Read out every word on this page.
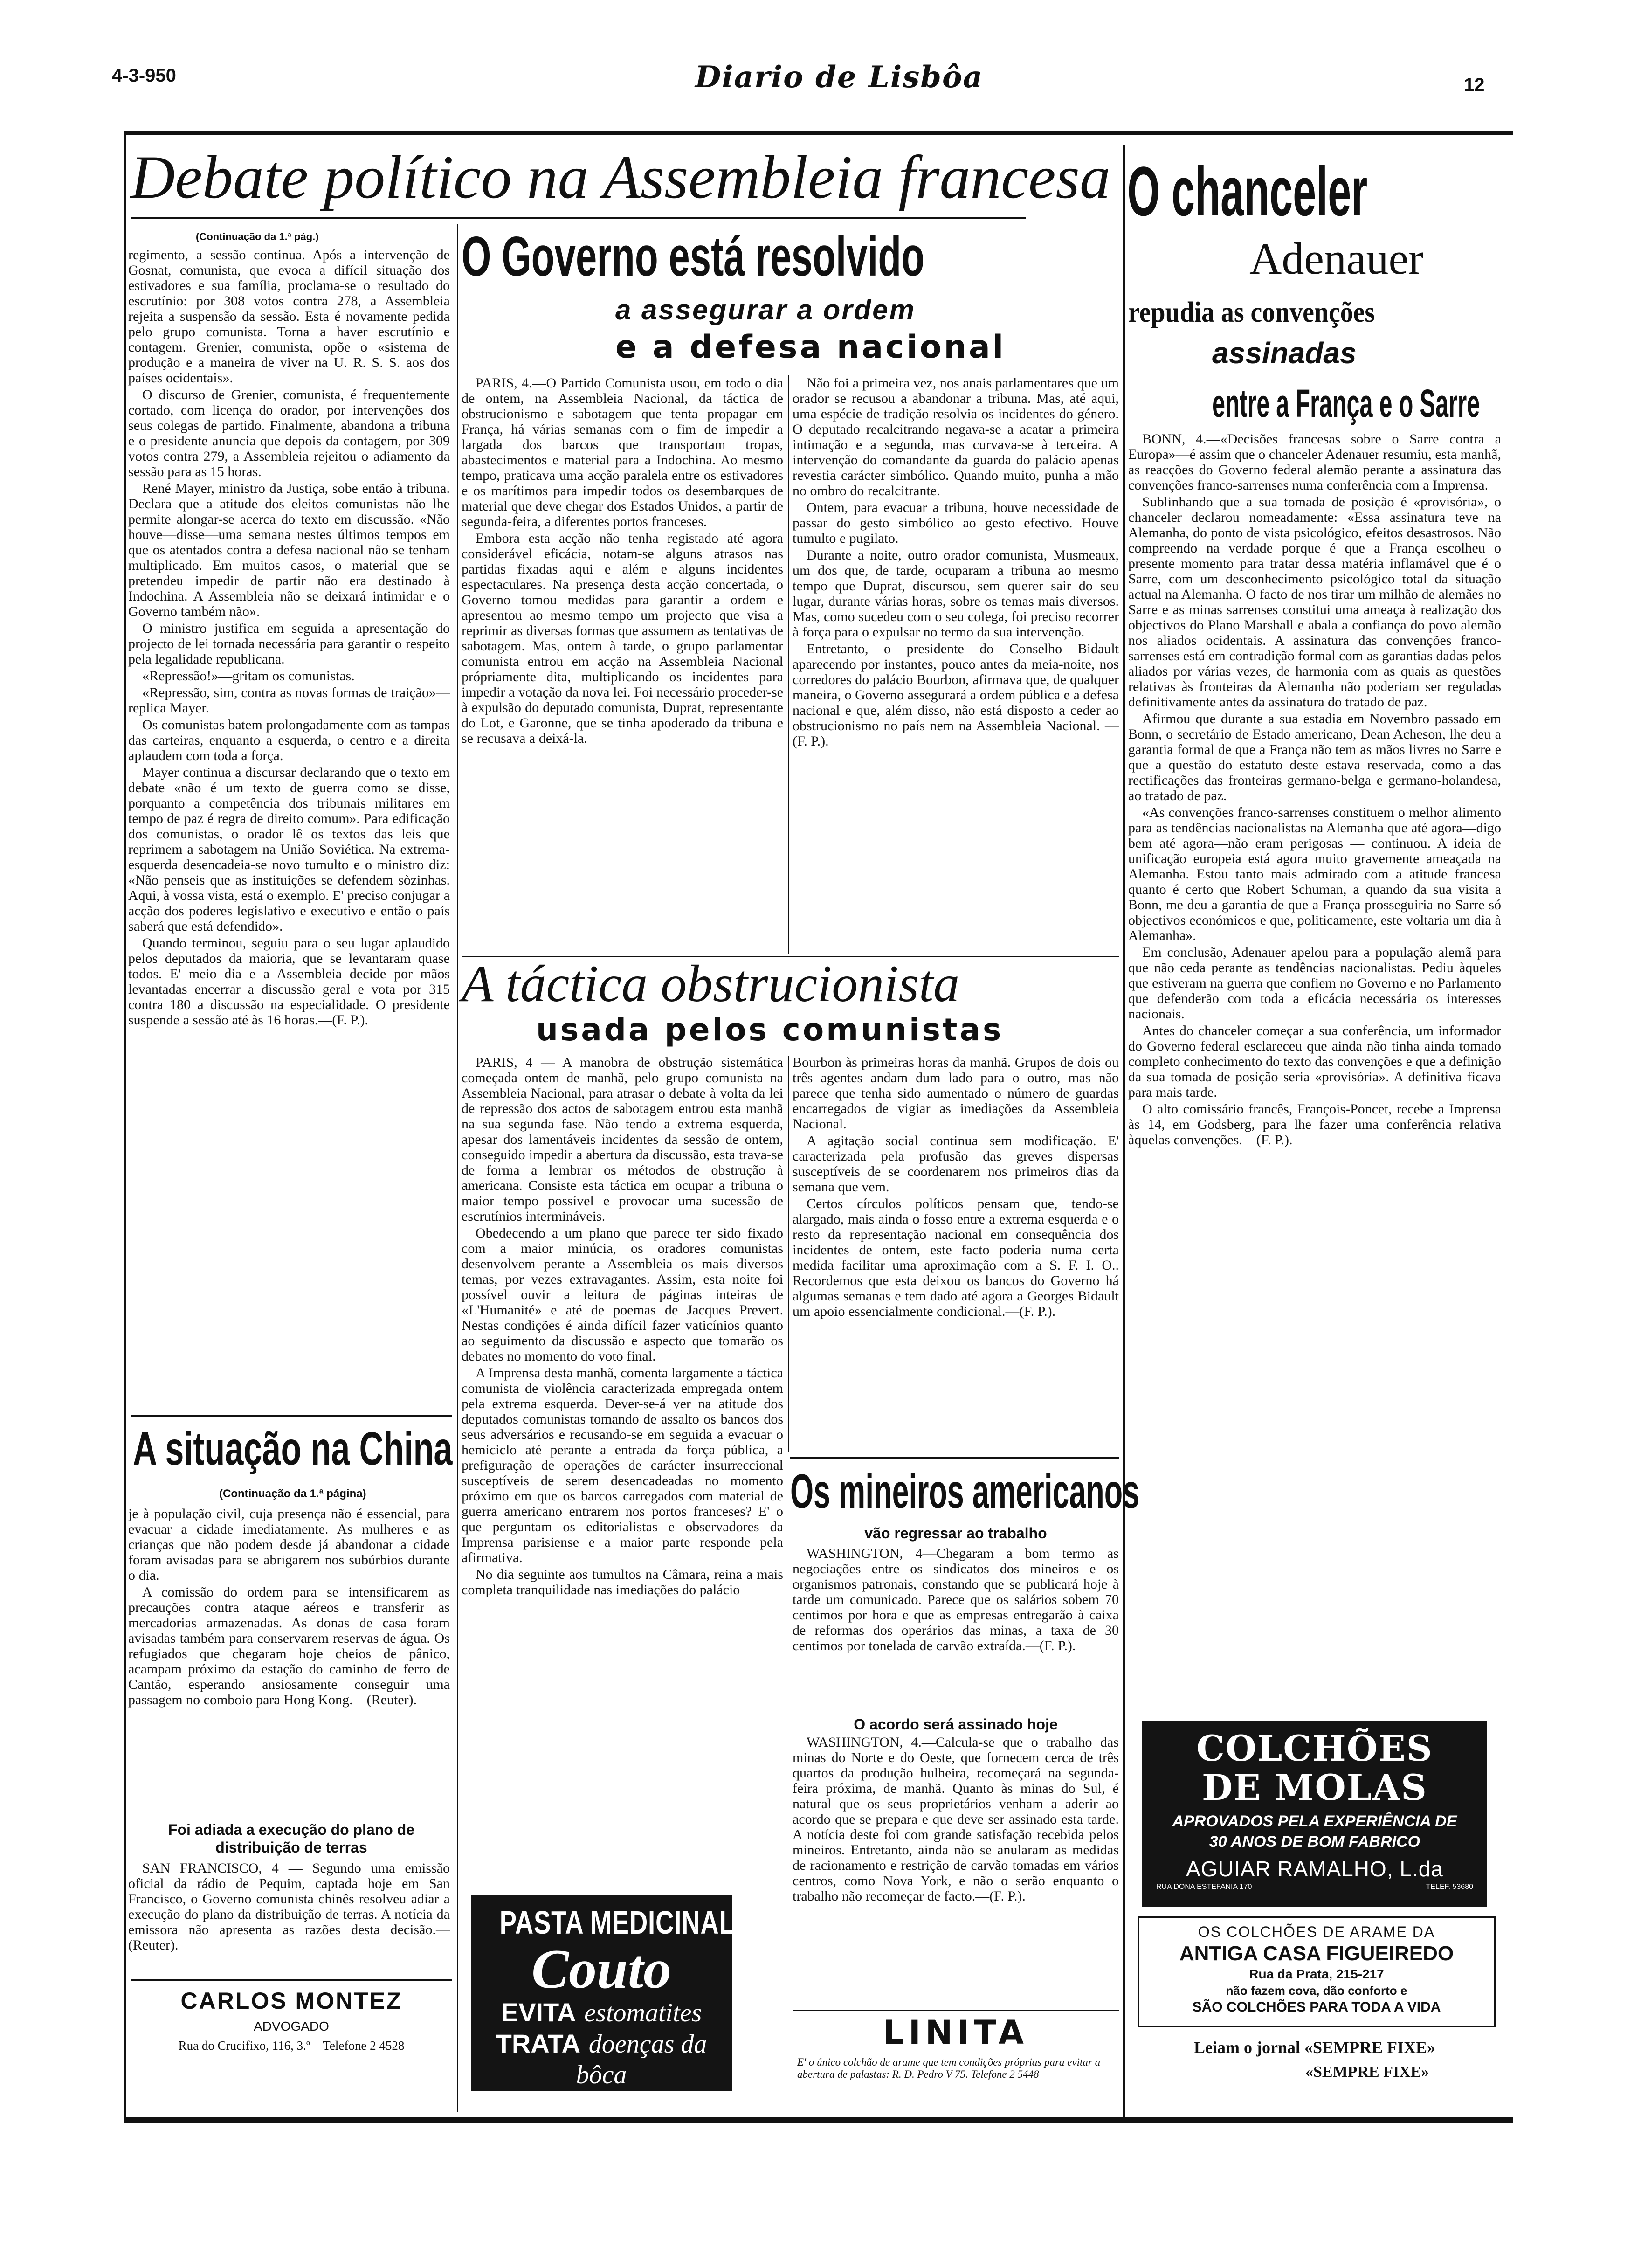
4-3-950	Diario de Lisbôa	12
Debate político na Assembleia francesa
(Continuação da 1.ª pág.)

regimento, a sessão continua. Após a intervenção de Gosnat, comunista, que evoca a difícil situação dos estivadores e sua família, proclama-se o resultado do escrutínio: por 308 votos contra 278, a Assembleia rejeita a suspensão da sessão. Esta é novamente pedida pelo grupo comunista. Torna a haver escrutínio e contagem. Grenier, comunista, opõe o «sistema de produção e a maneira de viver na U. R. S. S. aos dos países ocidentais».

O discurso de Grenier, comunista, é frequentemente cortado, com licença do orador, por intervenções dos seus colegas de partido. Finalmente, abandona a tribuna e o presidente anuncia que depois da contagem, por 309 votos contra 279, a Assembleia rejeitou o adiamento da sessão para as 15 horas.

René Mayer, ministro da Justiça, sobe então à tribuna. Declara que a atitude dos eleitos comunistas não lhe permite alongar-se acerca do texto em discussão. «Não houve—disse—uma semana nestes últimos tempos em que os atentados contra a defesa nacional não se tenham multiplicado. Em muitos casos, o material que se pretendeu impedir de partir não era destinado à Indochina. A Assembleia não se deixará intimidar e o Governo também não».

O ministro justifica em seguida a apresentação do projecto de lei tornada necessária para garantir o respeito pela legalidade republicana.

«Repressão!»—gritam os comunistas.

«Repressão, sim, contra as novas formas de traição»—replica Mayer.

Os comunistas batem prolongadamente com as tampas das carteiras, enquanto a esquerda, o centro e a direita aplaudem com toda a força.

Mayer continua a discursar declarando que o texto em debate «não é um texto de guerra como se disse, porquanto a competência dos tribunais militares em tempo de paz é regra de direito comum». Para edificação dos comunistas, o orador lê os textos das leis que reprimem a sabotagem na União Soviética. Na extrema-esquerda desencadeia-se novo tumulto e o ministro diz: «Não penseis que as instituições se defendem sòzinhas. Aqui, à vossa vista, está o exemplo. E' preciso conjugar a acção dos poderes legislativo e executivo e então o país saberá que está defendido».

Quando terminou, seguiu para o seu lugar aplaudido pelos deputados da maioria, que se levantaram quase todos. E' meio dia e a Assembleia decide por mãos levantadas encerrar a discussão geral e vota por 315 contra 180 a discussão na especialidade. O presidente suspende a sessão até às 16 horas.—(F. P.).

A situação na China
(Continuação da 1.ª página)

je à população civil, cuja presença não é essencial, para evacuar a cidade imediatamente. As mulheres e as crianças que não podem desde já abandonar a cidade foram avisadas para se abrigarem nos subúrbios durante o dia.

A comissão do ordem para se intensificarem as precauções contra ataque aéreos e transferir as mercadorias armazenadas. As donas de casa foram avisadas também para conservarem reservas de água. Os refugiados que chegaram hoje cheios de pânico, acampam próximo da estação do caminho de ferro de Cantão, esperando ansiosamente conseguir uma passagem no comboio para Hong Kong.—(Reuter).

Foi adiada a execução do plano de distribuição de terras

SAN FRANCISCO, 4 — Segundo uma emissão oficial da rádio de Pequim, captada hoje em San Francisco, o Governo comunista chinês resolveu adiar a execução do plano da distribuição de terras. A notícia da emissora não apresenta as razões desta decisão.—(Reuter).

CARLOS MONTEZ
ADVOGADO
Rua do Crucifixo, 116, 3.º—Telefone 2 4528
O Governo está resolvido
a assegurar a ordem
e a defesa nacional

PARIS, 4.—O Partido Comunista usou, em todo o dia de ontem, na Assembleia Nacional, da táctica de obstrucionismo e sabotagem que tenta propagar em França, há várias semanas com o fim de impedir a largada dos barcos que transportam tropas, abastecimentos e material para a Indochina. Ao mesmo tempo, praticava uma acção paralela entre os estivadores e os marítimos para impedir todos os desembarques de material que deve chegar dos Estados Unidos, a partir de segunda-feira, a diferentes portos franceses.

Embora esta acção não tenha registado até agora considerável eficácia, notam-se alguns atrasos nas partidas fixadas aqui e além e alguns incidentes espectaculares. Na presença desta acção concertada, o Governo tomou medidas para garantir a ordem e apresentou ao mesmo tempo um projecto que visa a reprimir as diversas formas que assumem as tentativas de sabotagem. Mas, ontem à tarde, o grupo parlamentar comunista entrou em acção na Assembleia Nacional própriamente dita, multiplicando os incidentes para impedir a votação da nova lei. Foi necessário proceder-se à expulsão do deputado comunista, Duprat, representante do Lot, e Garonne, que se tinha apoderado da tribuna e se recusava a deixá-la.

Não foi a primeira vez, nos anais parlamentares que um orador se recusou a abandonar a tribuna. Mas, até aqui, uma espécie de tradição resolvia os incidentes do género. O deputado recalcitrando negava-se a acatar a primeira intimação e a segunda, mas curvava-se à terceira. A intervenção do comandante da guarda do palácio apenas revestia carácter simbólico. Quando muito, punha a mão no ombro do recalcitrante.

Ontem, para evacuar a tribuna, houve necessidade de passar do gesto simbólico ao gesto efectivo. Houve tumulto e pugilato.

Durante a noite, outro orador comunista, Musmeaux, um dos que, de tarde, ocuparam a tribuna ao mesmo tempo que Duprat, discursou, sem querer sair do seu lugar, durante várias horas, sobre os temas mais diversos. Mas, como sucedeu com o seu colega, foi preciso recorrer à força para o expulsar no termo da sua intervenção.

Entretanto, o presidente do Conselho Bidault aparecendo por instantes, pouco antes da meia-noite, nos corredores do palácio Bourbon, afirmava que, de qualquer maneira, o Governo assegurará a ordem pública e a defesa nacional e que, além disso, não está disposto a ceder ao obstrucionismo no país nem na Assembleia Nacional. —(F. P.).

A táctica obstrucionista
usada pelos comunistas

PARIS, 4 — A manobra de obstrução sistemática começada ontem de manhã, pelo grupo comunista na Assembleia Nacional, para atrasar o debate à volta da lei de repressão dos actos de sabotagem entrou esta manhã na sua segunda fase. Não tendo a extrema esquerda, apesar dos lamentáveis incidentes da sessão de ontem, conseguido impedir a abertura da discussão, esta trava-se de forma a lembrar os métodos de obstrução à americana. Consiste esta táctica em ocupar a tribuna o maior tempo possível e provocar uma sucessão de escrutínios intermináveis.

Obedecendo a um plano que parece ter sido fixado com a maior minúcia, os oradores comunistas desenvolvem perante a Assembleia os mais diversos temas, por vezes extravagantes. Assim, esta noite foi possível ouvir a leitura de páginas inteiras de «L'Humanité» e até de poemas de Jacques Prevert. Nestas condições é ainda difícil fazer vaticínios quanto ao seguimento da discussão e aspecto que tomarão os debates no momento do voto final.

A Imprensa desta manhã, comenta largamente a táctica comunista de violência caracterizada empregada ontem pela extrema esquerda. Dever-se-á ver na atitude dos deputados comunistas tomando de assalto os bancos dos seus adversários e recusando-se em seguida a evacuar o hemiciclo até perante a entrada da força pública, a prefiguração de operações de carácter insurreccional susceptíveis de serem desencadeadas no momento próximo em que os barcos carregados com material de guerra americano entrarem nos portos franceses? E' o que perguntam os editorialistas e observadores da Imprensa parisiense e a maior parte responde pela afirmativa.

No dia seguinte aos tumultos na Câmara, reina a mais completa tranquilidade nas imediações do palácio

Bourbon às primeiras horas da manhã. Grupos de dois ou três agentes andam dum lado para o outro, mas não parece que tenha sido aumentado o número de guardas encarregados de vigiar as imediações da Assembleia Nacional.

A agitação social continua sem modificação. E' caracterizada pela profusão das greves dispersas susceptíveis de se coordenarem nos primeiros dias da semana que vem.

Certos círculos políticos pensam que, tendo-se alargado, mais ainda o fosso entre a extrema esquerda e o resto da representação nacional em consequência dos incidentes de ontem, este facto poderia numa certa medida facilitar uma aproximação com a S. F. I. O.. Recordemos que esta deixou os bancos do Governo há algumas semanas e tem dado até agora a Georges Bidault um apoio essencialmente condicional.—(F. P.).

PASTA MEDICINAL
Couto
EVITA estomatites
TRATA doenças da bôca
Os mineiros americanos
vão regressar ao trabalho

WASHINGTON, 4—Chegaram a bom termo as negociações entre os sindicatos dos mineiros e os organismos patronais, constando que se publicará hoje à tarde um comunicado. Parece que os salários sobem 70 centimos por hora e que as empresas entregarão à caixa de reformas dos operários das minas, a taxa de 30 centimos por tonelada de carvão extraída.—(F. P.).

O acordo será assinado hoje

WASHINGTON, 4.—Calcula-se que o trabalho das minas do Norte e do Oeste, que fornecem cerca de três quartos da produção hulheira, recomeçará na segunda-feira próxima, de manhã. Quanto às minas do Sul, é natural que os seus proprietários venham a aderir ao acordo que se prepara e que deve ser assinado esta tarde. A notícia deste foi com grande satisfação recebida pelos mineiros. Entretanto, ainda não se anularam as medidas de racionamento e restrição de carvão tomadas em vários centros, como Nova York, e não o serão enquanto o trabalho não recomeçar de facto.—(F. P.).

LINITA
E' o único colchão de arame que tem condições próprias para evitar a abertura de palastas: R. D. Pedro V 75. Telefone 2 5448
O chanceler
Adenauer
repudia as convenções
assinadas
entre a França e o Sarre

BONN, 4.—«Decisões francesas sobre o Sarre contra a Europa»—é assim que o chanceler Adenauer resumiu, esta manhã, as reacções do Governo federal alemão perante a assinatura das convenções franco-sarrenses numa conferência com a Imprensa.

Sublinhando que a sua tomada de posição é «provisória», o chanceler declarou nomeadamente: «Essa assinatura teve na Alemanha, do ponto de vista psicológico, efeitos desastrosos. Não compreendo na verdade porque é que a França escolheu o presente momento para tratar dessa matéria inflamável que é o Sarre, com um desconhecimento psicológico total da situação actual na Alemanha. O facto de nos tirar um milhão de alemães no Sarre e as minas sarrenses constitui uma ameaça à realização dos objectivos do Plano Marshall e abala a confiança do povo alemão nos aliados ocidentais. A assinatura das convenções franco-sarrenses está em contradição formal com as garantias dadas pelos aliados por várias vezes, de harmonia com as quais as questões relativas às fronteiras da Alemanha não poderiam ser reguladas definitivamente antes da assinatura do tratado de paz.

Afirmou que durante a sua estadia em Novembro passado em Bonn, o secretário de Estado americano, Dean Acheson, lhe deu a garantia formal de que a França não tem as mãos livres no Sarre e que a questão do estatuto deste estava reservada, como a das rectificações das fronteiras germano-belga e germano-holandesa, ao tratado de paz.

«As convenções franco-sarrenses constituem o melhor alimento para as tendências nacionalistas na Alemanha que até agora—digo bem até agora—não eram perigosas — continuou. A ideia de unificação europeia está agora muito gravemente ameaçada na Alemanha. Estou tanto mais admirado com a atitude francesa quanto é certo que Robert Schuman, a quando da sua visita a Bonn, me deu a garantia de que a França prosseguiria no Sarre só objectivos económicos e que, politicamente, este voltaria um dia à Alemanha».

Em conclusão, Adenauer apelou para a população alemã para que não ceda perante as tendências nacionalistas. Pediu àqueles que estiveram na guerra que confiem no Governo e no Parlamento que defenderão com toda a eficácia necessária os interesses nacionais.

Antes do chanceler começar a sua conferência, um informador do Governo federal esclareceu que ainda não tinha ainda tomado completo conhecimento do texto das convenções e que a definição da sua tomada de posição seria «provisória». A definitiva ficava para mais tarde.

O alto comissário francês, François-Poncet, recebe a Imprensa às 14, em Godsberg, para lhe fazer uma conferência relativa àquelas convenções.—(F. P.).

COLCHÕES
DE MOLAS
APROVADOS PELA EXPERIÊNCIA DE
30 ANOS DE BOM FABRICO
AGUIAR RAMALHO, L.da
RUA DONA ESTEFANIA 170	TELEF. 53680
OS COLCHÕES DE ARAME DA
ANTIGA CASA FIGUEIREDO
Rua da Prata, 215-217
não fazem cova, dão conforto e
SÃO COLCHÕES PARA TODA A VIDA
Leiam o jornal «SEMPRE FIXE»
«SEMPRE FIXE»
